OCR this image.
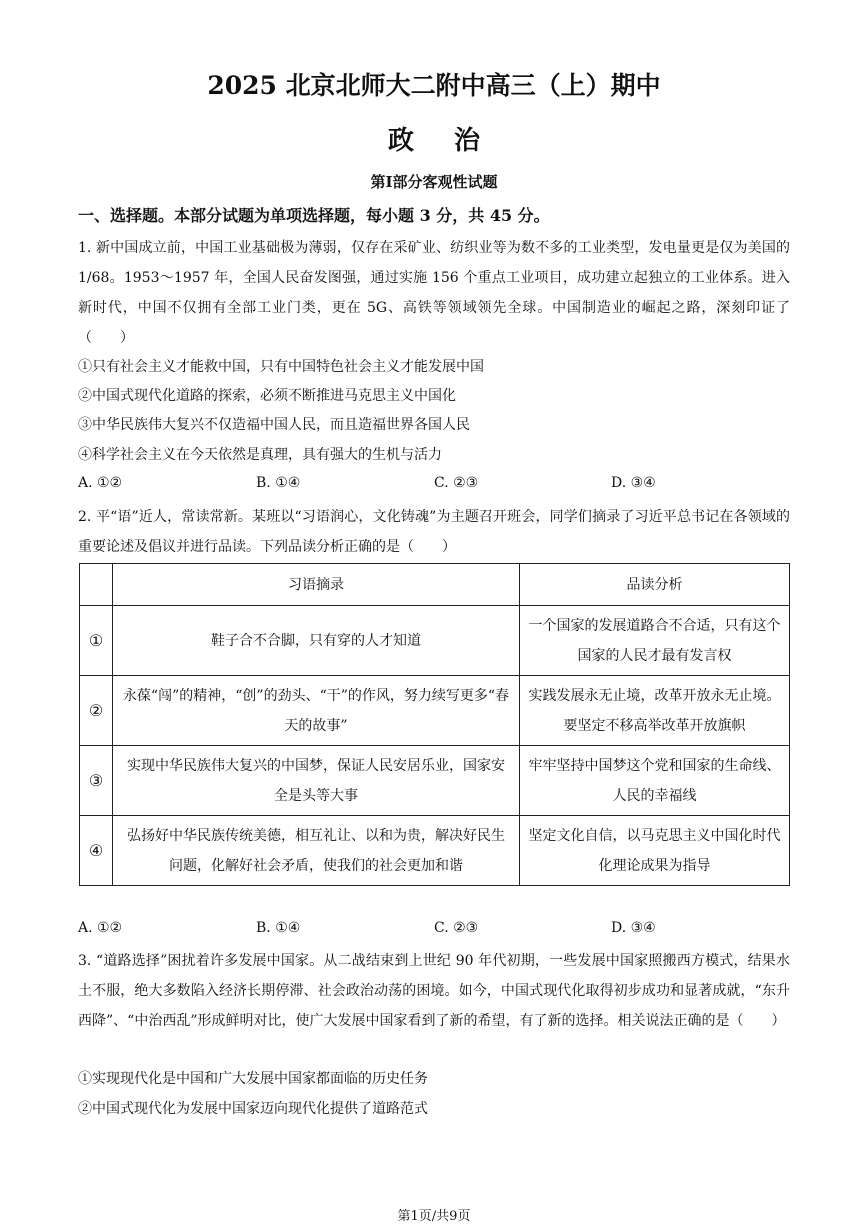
2025 北京北师大二附中高三（上）期中
政治
第I部分客观性试题
一、选择题。本部分试题为单项选择题，每小题 3 分，共 45 分。
1. 新中国成立前，中国工业基础极为薄弱，仅存在采矿业、纺织业等为数不多的工业类型，发电量更是仅为美国的 1/68。1953～1957 年，全国人民奋发图强，通过实施 156 个重点工业项目，成功建立起独立的工业体系。进入新时代，中国不仅拥有全部工业门类，更在 5G、高铁等领域领先全球。中国制造业的崛起之路，深刻印证了（　　）
①只有社会主义才能救中国，只有中国特色社会主义才能发展中国
②中国式现代化道路的探索，必须不断推进马克思主义中国化
③中华民族伟大复兴不仅造福中国人民，而且造福世界各国人民
④科学社会主义在今天依然是真理，具有强大的生机与活力
A. ①②	B. ①④	C. ②③	D. ③④
2. 平“语”近人，常读常新。某班以“习语润心，文化铸魂”为主题召开班会，同学们摘录了习近平总书记在各领域的重要论述及倡议并进行品读。下列品读分析正确的是（　　）
	习语摘录	品读分析
①	鞋子合不合脚，只有穿的人才知道	一个国家的发展道路合不合适，只有这个国家的人民才最有发言权
②	永葆“闯”的精神，“创”的劲头、“干”的作风，努力续写更多“春天的故事”	实践发展永无止境，改革开放永无止境。要坚定不移高举改革开放旗帜
③	实现中华民族伟大复兴的中国梦，保证人民安居乐业，国家安全是头等大事	牢牢坚持中国梦这个党和国家的生命线、人民的幸福线
④	弘扬好中华民族传统美德，相互礼让、以和为贵，解决好民生问题，化解好社会矛盾，使我们的社会更加和谐	坚定文化自信，以马克思主义中国化时代化理论成果为指导
A. ①②	B. ①④	C. ②③	D. ③④
3. “道路选择”困扰着许多发展中国家。从二战结束到上世纪 90 年代初期，一些发展中国家照搬西方模式，结果水土不服，绝大多数陷入经济长期停滞、社会政治动荡的困境。如今，中国式现代化取得初步成功和显著成就，“东升西降”、“中治西乱”形成鲜明对比，使广大发展中国家看到了新的希望，有了新的选择。相关说法正确的是（　　）
①实现现代化是中国和广大发展中国家都面临的历史任务
②中国式现代化为发展中国家迈向现代化提供了道路范式
第1页/共9页
